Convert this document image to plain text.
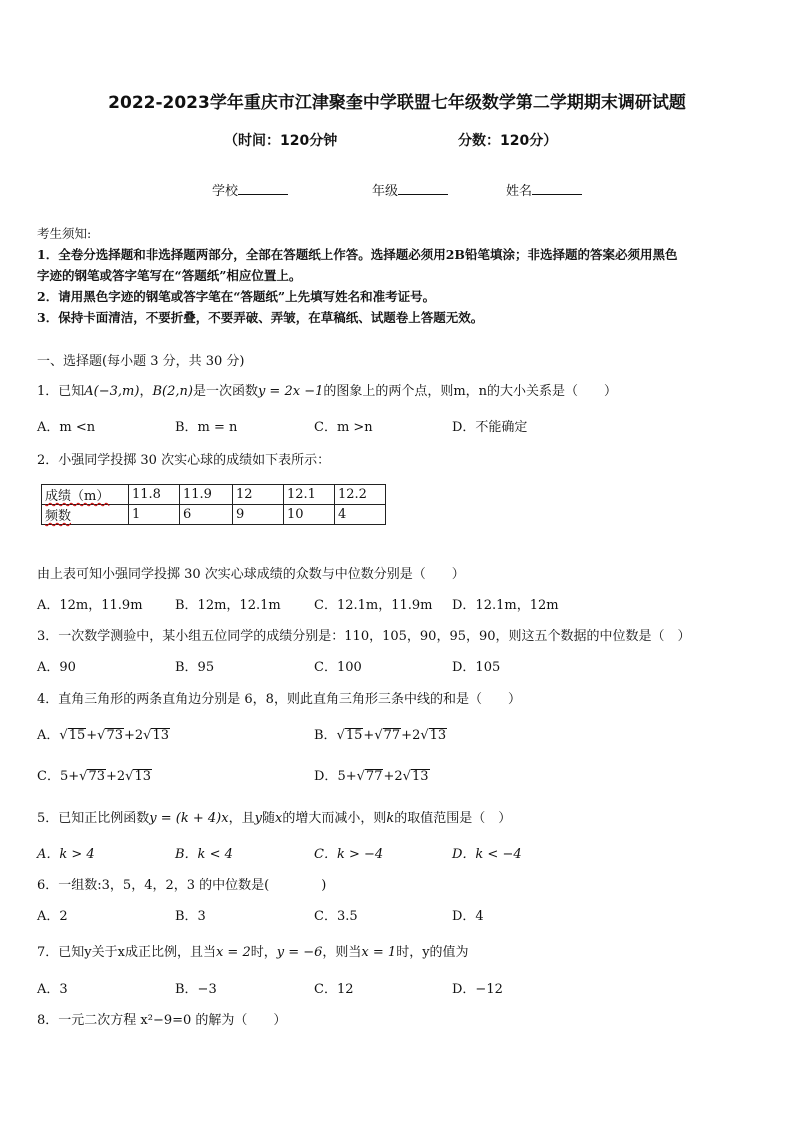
2022-2023学年重庆市江津聚奎中学联盟七年级数学第二学期期末调研试题
（时间：120分钟	分数：120分）
学校	年级	姓名
考生须知:
1．全卷分选择题和非选择题两部分，全部在答题纸上作答。选择题必须用2B铅笔填涂；非选择题的答案必须用黑色
字迹的钢笔或答字笔写在“答题纸”相应位置上。
2．请用黑色字迹的钢笔或答字笔在“答题纸”上先填写姓名和准考证号。
3．保持卡面清洁，不要折叠，不要弄破、弄皱，在草稿纸、试题卷上答题无效。
一、选择题(每小题 3 分，共 30 分)
1．已知A(−3,m)，B(2,n)是一次函数y = 2x −1的图象上的两个点，则m，n的大小关系是（　　）
A．m <n	B．m = n	C．m >n	D．不能确定
2．小强同学投掷 30 次实心球的成绩如下表所示：
成绩（m）	11.8	11.9	12	12.1	12.2
频数	1	6	9	10	4
由上表可知小强同学投掷 30 次实心球成绩的众数与中位数分别是（　　）
A．12m，11.9m B．12m，12.1m	C．12.1m，11.9m D．12.1m，12m
3．一次数学测验中，某小组五位同学的成绩分别是：110，105，90，95，90，则这五个数据的中位数是（　）
A．90	B．95	C．100	D．105
4．直角三角形的两条直角边分别是 6，8，则此直角三角形三条中线的和是（　　）
A．√15+√73+2√13	B．√15+√77+2√13
C．5+√73+2√13	D．5+√77+2√13
5．已知正比例函数y = (k + 4)x，且y随x的增大而减小，则k的取值范围是（　）
A．k > 4	B．k < 4	C．k > −4	D．k < −4
6．一组数:3，5，4，2，3 的中位数是(　　　　)
A．2	B．3	C．3.5	D．4
7．已知y关于x成正比例，且当x = 2时，y = −6，则当x = 1时，y的值为
A．3	B．−3	C．12	D．−12
8．一元二次方程 x²−9=0 的解为（　　）
